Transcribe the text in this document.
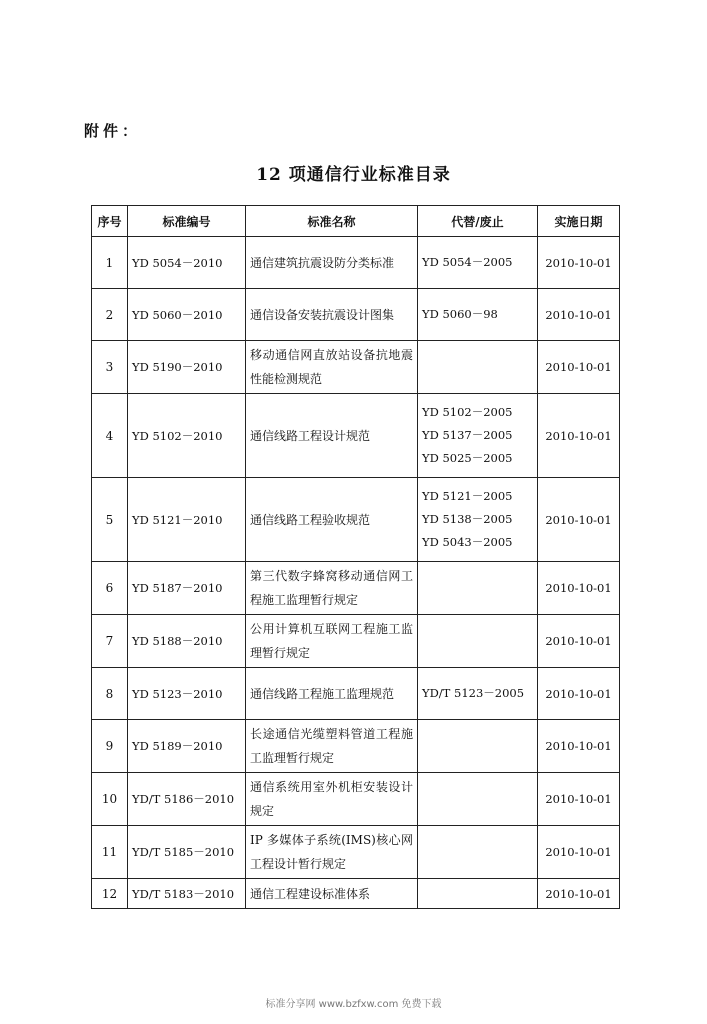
附件：
12 项通信行业标准目录
序号	标准编号	标准名称	代替/废止	实施日期
1	YD 5054－2010	通信建筑抗震设防分类标准	YD 5054－2005	2010-10-01
2	YD 5060－2010	通信设备安装抗震设计图集	YD 5060－98	2010-10-01
3	YD 5190－2010	移动通信网直放站设备抗地震性能检测规范		2010-10-01
4	YD 5102－2010	通信线路工程设计规范	YD 5102－2005
YD 5137－2005
YD 5025－2005	2010-10-01
5	YD 5121－2010	通信线路工程验收规范	YD 5121－2005
YD 5138－2005
YD 5043－2005	2010-10-01
6	YD 5187－2010	第三代数字蜂窝移动通信网工程施工监理暂行规定		2010-10-01
7	YD 5188－2010	公用计算机互联网工程施工监理暂行规定		2010-10-01
8	YD 5123－2010	通信线路工程施工监理规范	YD/T 5123－2005	2010-10-01
9	YD 5189－2010	长途通信光缆塑料管道工程施工监理暂行规定		2010-10-01
10	YD/T 5186－2010	通信系统用室外机柜安装设计规定		2010-10-01
11	YD/T 5185－2010	IP 多媒体子系统(IMS)核心网工程设计暂行规定		2010-10-01
12	YD/T 5183－2010	通信工程建设标准体系		2010-10-01
标准分享网 www.bzfxw.com 免费下载
